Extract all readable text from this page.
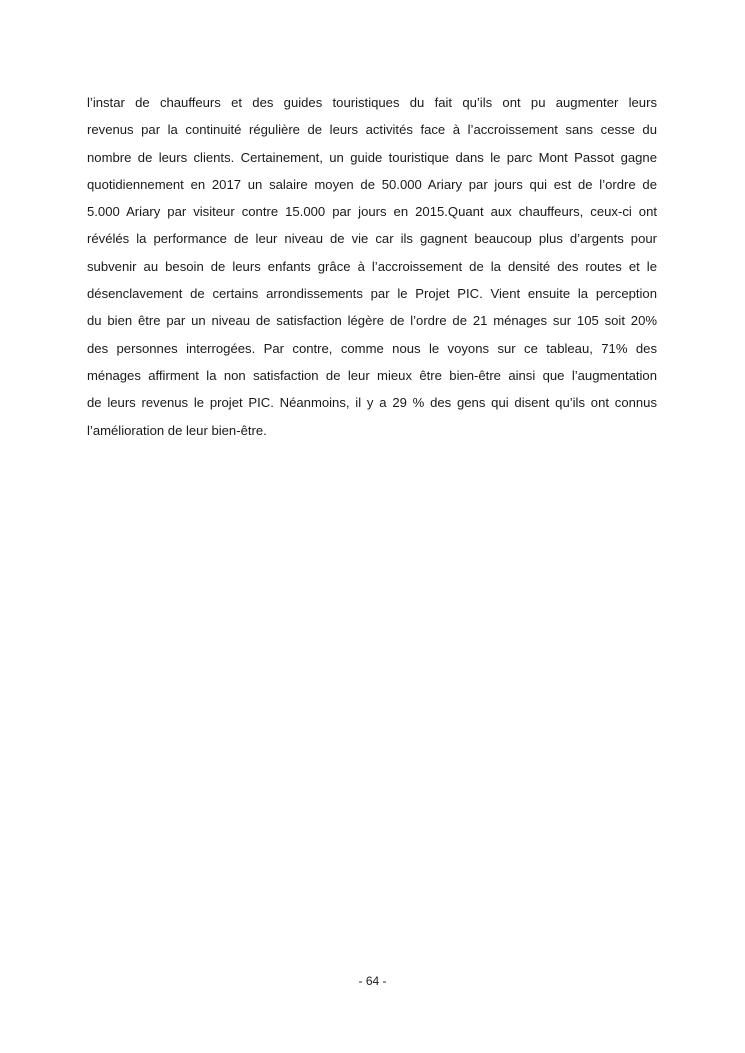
l’instar de chauffeurs et des guides touristiques du fait qu’ils ont pu augmenter leurs
revenus par la continuité régulière de leurs activités face à l’accroissement sans cesse du
nombre de leurs clients. Certainement, un guide touristique dans le parc Mont Passot gagne
quotidiennement en 2017 un salaire moyen de 50.000 Ariary par jours qui est de l’ordre de
5.000 Ariary par visiteur contre 15.000 par jours en 2015.Quant aux chauffeurs, ceux-ci ont
révélés la performance de leur niveau de vie car ils gagnent beaucoup plus d’argents pour
subvenir au besoin de leurs enfants grâce à l’accroissement de la densité des routes et le
désenclavement de certains arrondissements par le Projet PIC. Vient ensuite la perception
du bien être par un niveau de satisfaction légère de l’ordre de 21 ménages sur 105 soit 20%
des personnes interrogées. Par contre, comme nous le voyons sur ce tableau, 71% des
ménages affirment la non satisfaction de leur mieux être bien-être ainsi que l’augmentation
de leurs revenus le projet PIC. Néanmoins, il y a 29 % des gens qui disent qu’ils ont connus
l’amélioration de leur bien-être.

- 64 -
